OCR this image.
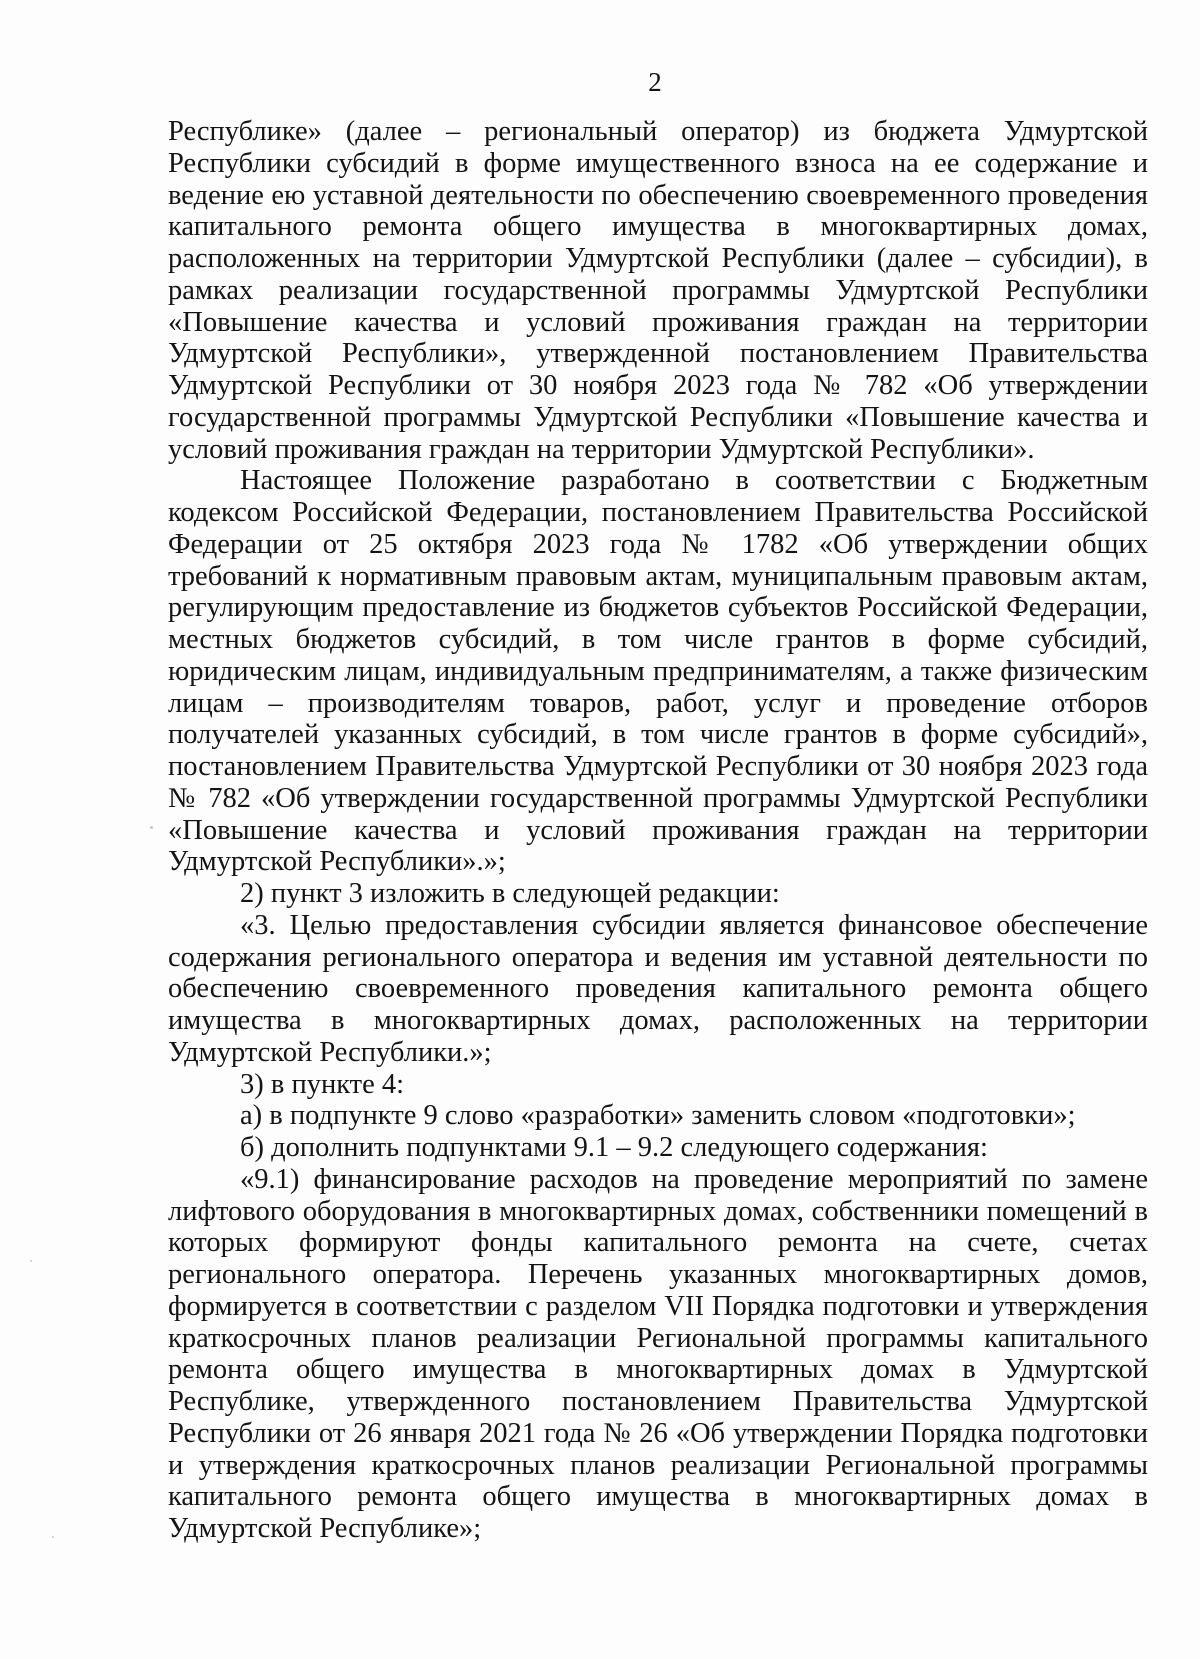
2

Республике» (далее – региональный оператор) из бюджета Удмуртской Республики субсидий в форме имущественного взноса на ее содержание и ведение ею уставной деятельности по обеспечению своевременного проведения капитального ремонта общего имущества в многоквартирных домах, расположенных на территории Удмуртской Республики (далее – субсидии), в рамках реализации государственной программы Удмуртской Республики «Повышение качества и условий проживания граждан на территории Удмуртской Республики», утвержденной постановлением Правительства Удмуртской Республики от 30 ноября 2023 года № 782 «Об утверждении государственной программы Удмуртской Республики «Повышение качества и условий проживания граждан на территории Удмуртской Республики».

Настоящее Положение разработано в соответствии с Бюджетным кодексом Российской Федерации, постановлением Правительства Российской Федерации от 25 октября 2023 года № 1782 «Об утверждении общих требований к нормативным правовым актам, муниципальным правовым актам, регулирующим предоставление из бюджетов субъектов Российской Федерации, местных бюджетов субсидий, в том числе грантов в форме субсидий, юридическим лицам, индивидуальным предпринимателям, а также физическим лицам – производителям товаров, работ, услуг и проведение отборов получателей указанных субсидий, в том числе грантов в форме субсидий», постановлением Правительства Удмуртской Республики от 30 ноября 2023 года № 782 «Об утверждении государственной программы Удмуртской Республики «Повышение качества и условий проживания граждан на территории Удмуртской Республики».»;

2) пункт 3 изложить в следующей редакции:

«3. Целью предоставления субсидии является финансовое обеспечение содержания регионального оператора и ведения им уставной деятельности по обеспечению своевременного проведения капитального ремонта общего имущества в многоквартирных домах, расположенных на территории Удмуртской Республики.»;

3) в пункте 4:

а) в подпункте 9 слово «разработки» заменить словом «подготовки»;

б) дополнить подпунктами 9.1 – 9.2 следующего содержания:

«9.1) финансирование расходов на проведение мероприятий по замене лифтового оборудования в многоквартирных домах, собственники помещений в которых формируют фонды капитального ремонта на счете, счетах регионального оператора. Перечень указанных многоквартирных домов, формируется в соответствии с разделом VII Порядка подготовки и утверждения краткосрочных планов реализации Региональной программы капитального ремонта общего имущества в многоквартирных домах в Удмуртской Республике, утвержденного постановлением Правительства Удмуртской Республики от 26 января 2021 года № 26 «Об утверждении Порядка подготовки и утверждения краткосрочных планов реализации Региональной программы капитального ремонта общего имущества в многоквартирных домах в Удмуртской Республике»;
